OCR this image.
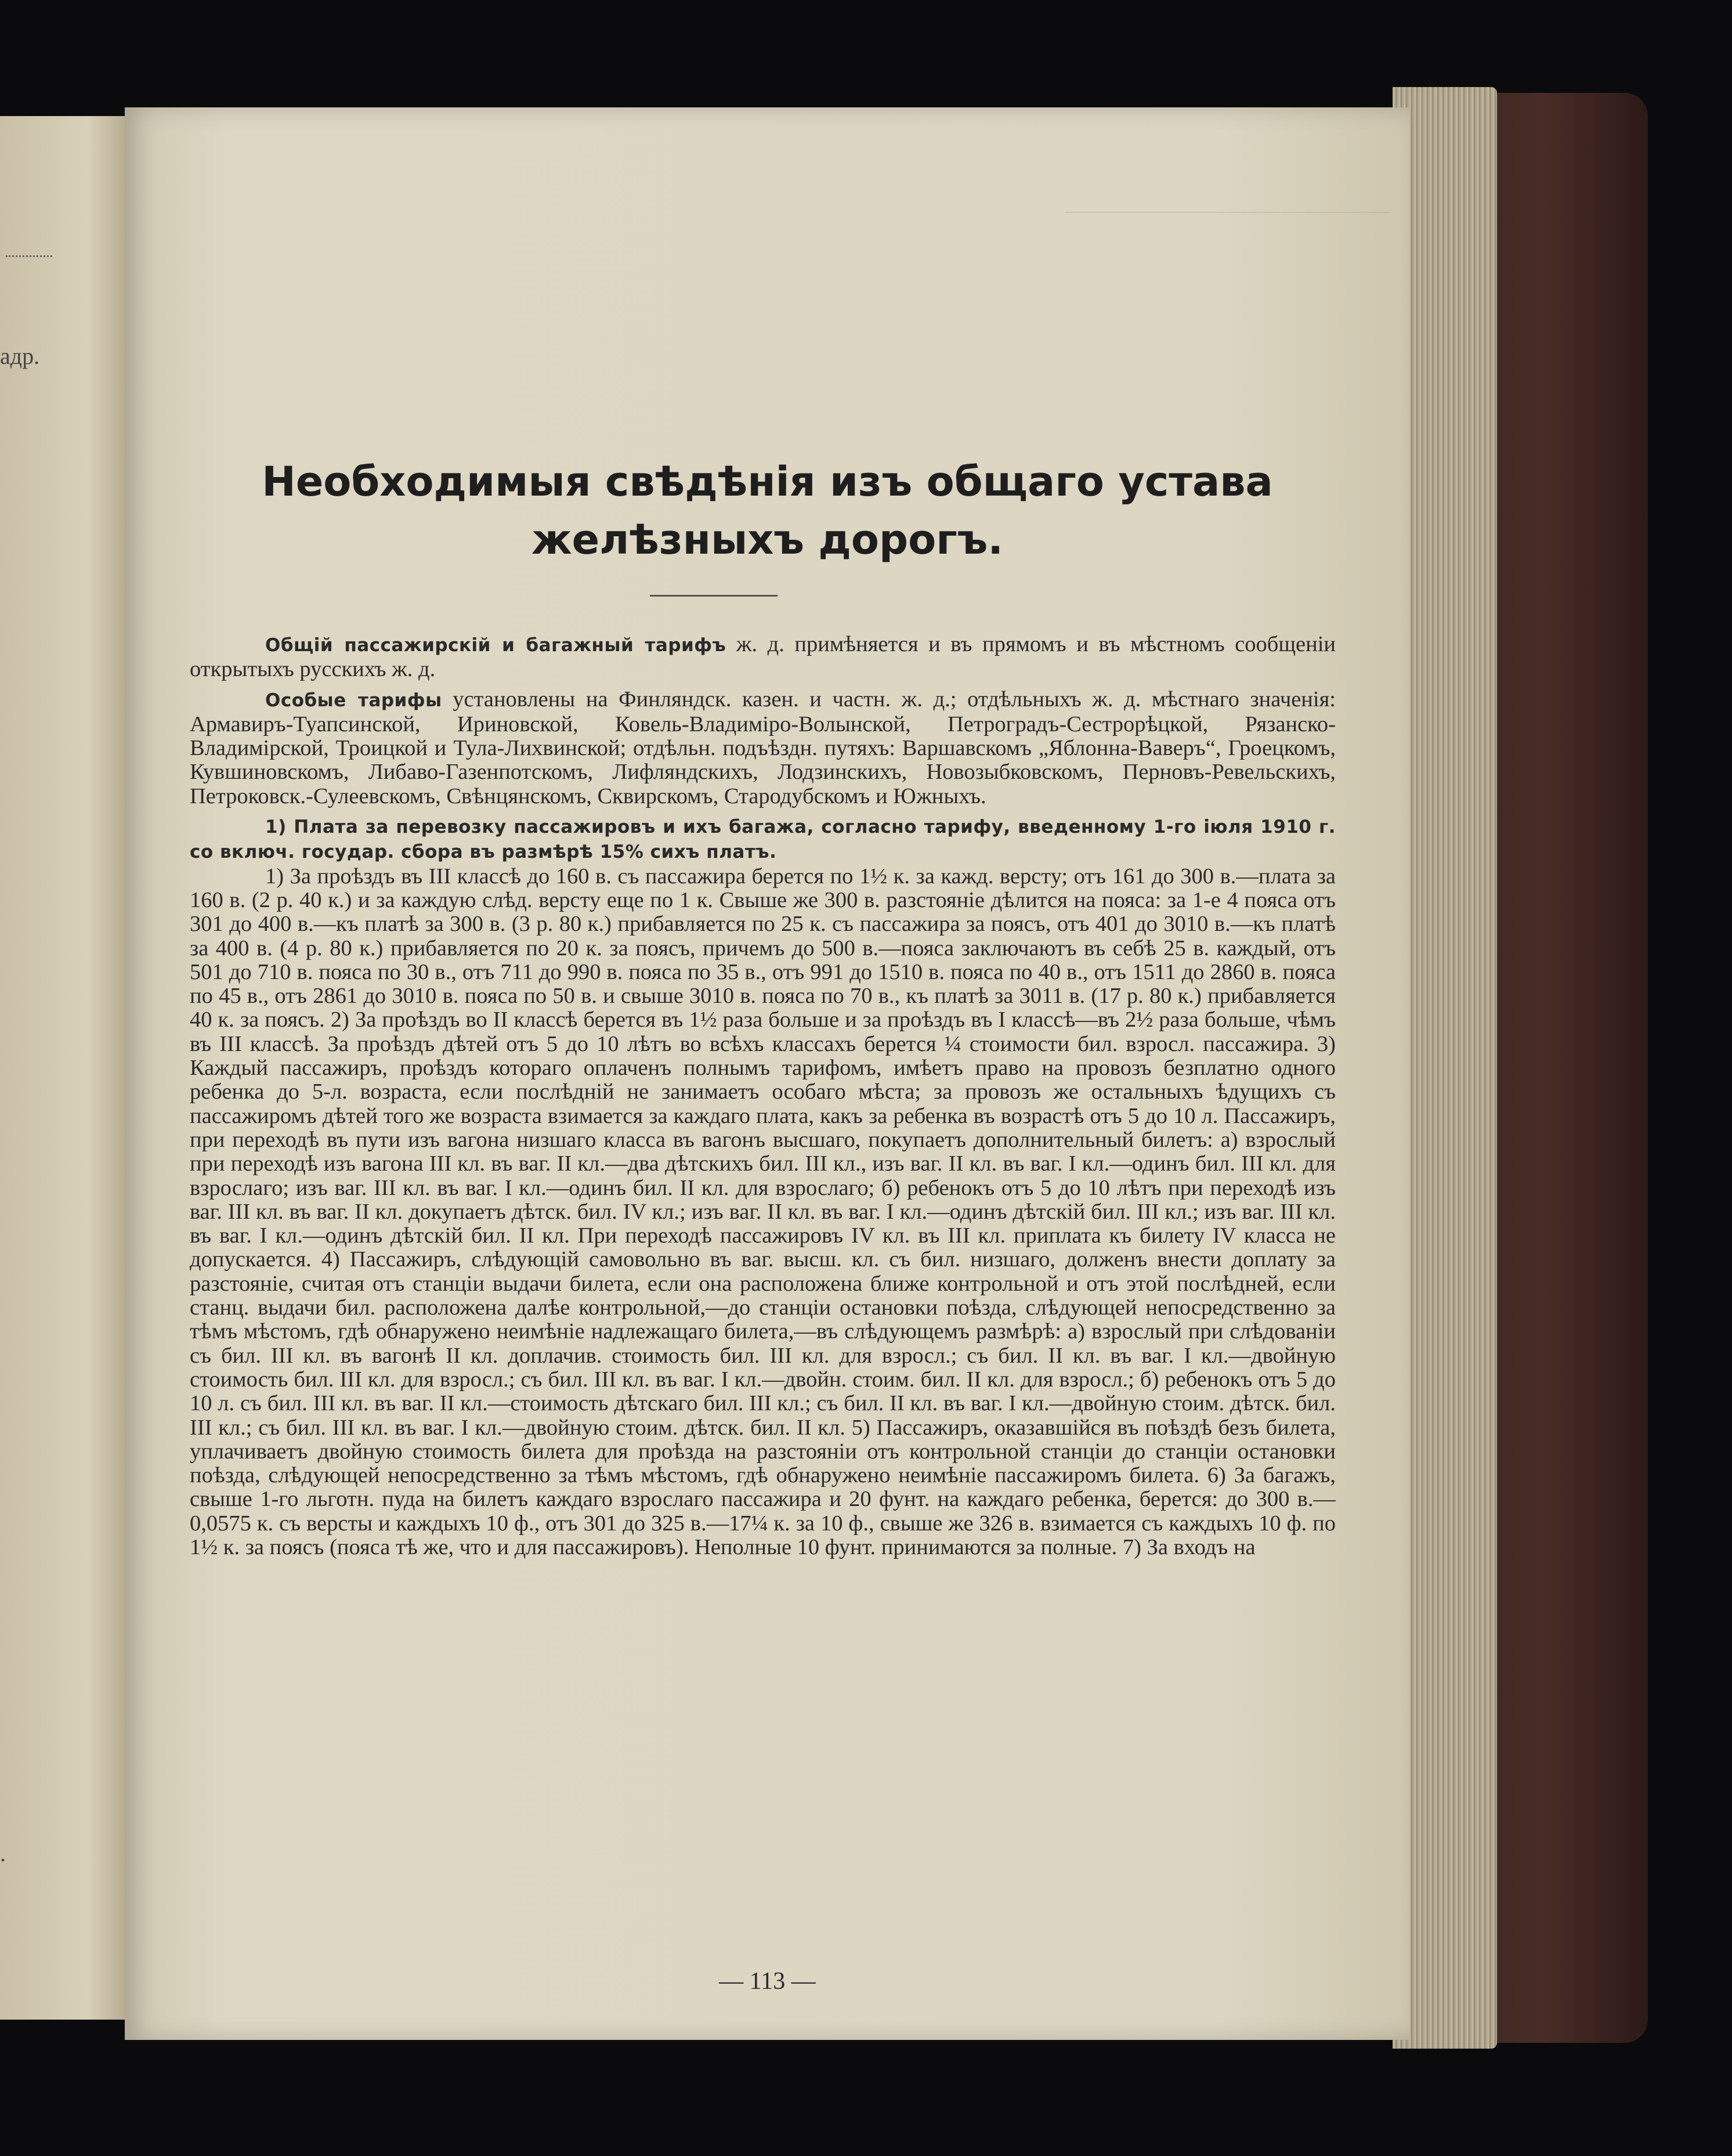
адр.
.
Необходимыя свѣдѣнія изъ общаго устава желѣзныхъ дорогъ.

Общій пассажирскій и багажный тарифъ ж. д. примѣняется и въ прямомъ и въ мѣстномъ сообщеніи открытыхъ русскихъ ж. д.

Особые тарифы установлены на Финляндск. казен. и частн. ж. д.; отдѣльныхъ ж. д. мѣстнаго значенія: Армавиръ-Туапсинской, Ириновской, Ковель-Владиміро-Волынской, Петроградъ-Сестрорѣцкой, Рязанско-Владимірской, Троицкой и Тула-Лихвинской; отдѣльн. подъѣздн. путяхъ: Варшавскомъ „Яблонна-Ваверъ“, Гроецкомъ, Кувшиновскомъ, Либаво-Газенпотскомъ, Лифляндскихъ, Лодзинскихъ, Новозыбковскомъ, Перновъ-Ревельскихъ, Петроковск.-Сулеевскомъ, Свѣнцянскомъ, Сквирскомъ, Стародубскомъ и Южныхъ.

1) Плата за перевозку пассажировъ и ихъ багажа, согласно тарифу, введенному 1-го іюля 1910 г. со включ. государ. сбора въ размѣрѣ 15% сихъ платъ.

1) За проѣздъ въ III классѣ до 160 в. съ пассажира берется по 1½ к. за кажд. версту; отъ 161 до 300 в.—плата за 160 в. (2 р. 40 к.) и за каждую слѣд. версту еще по 1 к. Свыше же 300 в. разстояніе дѣлится на пояса: за 1-е 4 пояса отъ 301 до 400 в.—къ платѣ за 300 в. (3 р. 80 к.) прибавляется по 25 к. съ пассажира за поясъ, отъ 401 до 3010 в.—къ платѣ за 400 в. (4 р. 80 к.) прибавляется по 20 к. за поясъ, причемъ до 500 в.—пояса заключаютъ въ себѣ 25 в. каждый, отъ 501 до 710 в. пояса по 30 в., отъ 711 до 990 в. пояса по 35 в., отъ 991 до 1510 в. пояса по 40 в., отъ 1511 до 2860 в. пояса по 45 в., отъ 2861 до 3010 в. пояса по 50 в. и свыше 3010 в. пояса по 70 в., къ платѣ за 3011 в. (17 р. 80 к.) прибавляется 40 к. за поясъ. 2) За проѣздъ во II классѣ берется въ 1½ раза больше и за проѣздъ въ I классѣ—въ 2½ раза больше, чѣмъ въ III классѣ. За проѣздъ дѣтей отъ 5 до 10 лѣтъ во всѣхъ классахъ берется ¼ стоимости бил. взросл. пассажира. 3) Каждый пассажиръ, проѣздъ котораго оплаченъ полнымъ тарифомъ, имѣетъ право на провозъ безплатно одного ребенка до 5-л. возраста, если послѣдній не занимаетъ особаго мѣста; за провозъ же остальныхъ ѣдущихъ съ пассажиромъ дѣтей того же возраста взимается за каждаго плата, какъ за ребенка въ возрастѣ отъ 5 до 10 л. Пассажиръ, при переходѣ въ пути изъ вагона низшаго класса въ вагонъ высшаго, покупаетъ дополнительный билетъ: а) взрослый при переходѣ изъ вагона III кл. въ ваг. II кл.—два дѣтскихъ бил. III кл., изъ ваг. II кл. въ ваг. I кл.—одинъ бил. III кл. для взрослаго; изъ ваг. III кл. въ ваг. I кл.—одинъ бил. II кл. для взрослаго; б) ребенокъ отъ 5 до 10 лѣтъ при переходѣ изъ ваг. III кл. въ ваг. II кл. докупаетъ дѣтск. бил. IV кл.; изъ ваг. II кл. въ ваг. I кл.—одинъ дѣтскій бил. III кл.; изъ ваг. III кл. въ ваг. I кл.—одинъ дѣтскій бил. II кл. При переходѣ пассажировъ IV кл. въ III кл. приплата къ билету IV класса не допускается. 4) Пассажиръ, слѣдующій самовольно въ ваг. высш. кл. съ бил. низшаго, долженъ внести доплату за разстояніе, считая отъ станціи выдачи билета, если она расположена ближе контрольной и отъ этой послѣдней, если станц. выдачи бил. расположена далѣе контрольной,—до станціи остановки поѣзда, слѣдующей непосредственно за тѣмъ мѣстомъ, гдѣ обнаружено неимѣніе надлежащаго билета,—въ слѣдующемъ размѣрѣ: а) взрослый при слѣдованіи съ бил. III кл. въ вагонѣ II кл. доплачив. стоимость бил. III кл. для взросл.; съ бил. II кл. въ ваг. I кл.—двойную стоимость бил. III кл. для взросл.; съ бил. III кл. въ ваг. I кл.—двойн. стоим. бил. II кл. для взросл.; б) ребенокъ отъ 5 до 10 л. съ бил. III кл. въ ваг. II кл.—стоимость дѣтскаго бил. III кл.; съ бил. II кл. въ ваг. I кл.—двойную стоим. дѣтск. бил. III кл.; съ бил. III кл. въ ваг. I кл.—двойную стоим. дѣтск. бил. II кл. 5) Пассажиръ, оказавшійся въ поѣздѣ безъ билета, уплачиваетъ двойную стоимость билета для проѣзда на разстояніи отъ контрольной станціи до станціи остановки поѣзда, слѣдующей непосредственно за тѣмъ мѣстомъ, гдѣ обнаружено неимѣніе пассажиромъ билета. 6) За багажъ, свыше 1-го льготн. пуда на билетъ каждаго взрослаго пассажира и 20 фунт. на каждаго ребенка, берется: до 300 в.—0,0575 к. съ версты и каждыхъ 10 ф., отъ 301 до 325 в.—17¼ к. за 10 ф., свыше же 326 в. взимается съ каждыхъ 10 ф. по 1½ к. за поясъ (пояса тѣ же, что и для пассажировъ). Неполные 10 фунт. принимаются за полные. 7) За входъ на

— 113 —
